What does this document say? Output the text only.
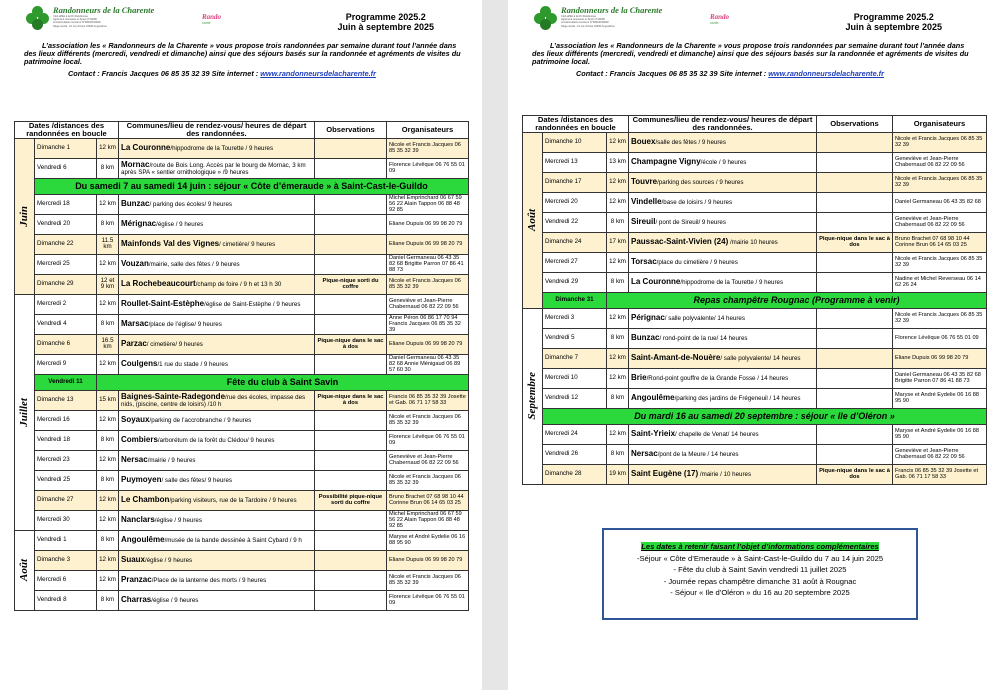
Randonneurs de la Charente
Club affilié à la FF Randonnée
Agrément Jeunesse et Sport N°16038
Immatriculation tourisme N°IM016190002
Siège social : 21 rue d’Anse 16000 Angoulême
Rando
santé
Programme 2025.2
Juin à septembre 2025
L’association les « Randonneurs de la Charente » vous propose trois randonnées par semaine durant tout l’année dans des lieux différents (mercredi, vendredi et dimanche) ainsi que des séjours basés sur la randonnée et agréments de visites du patrimoine local.
Contact : Francis Jacques 06 85 35 32 39 Site internet : www.randonneursdelacharente.fr
Dates /distances des randonnées en boucle			Communes/lieu de rendez-vous/ heures de départ des randonnées.	Observations	Organisateurs

Juin	Dimanche 1	12 km	La Couronne/hippodrome de la Tourette / 9 heures		Nicole et Francis Jacques 06 85 35 32 39
	Vendredi 6	8 km	Mornac/route de Bois Long. Accès par le bourg de Mornac, 3 km après SPA « sentier ornithologique » /9 heures		Florence Lévêque 06 76 55 01 09
	Du samedi 7 au samedi 14 juin : séjour « Côte d’émeraude » à Saint-Cast-le-Guildo				
	Mercredi 18	12 km	Bunzac/ parking des écoles/ 9 heures		Michel Emprinchard 06 67 59 56 22 Alain Tappon 06 88 48 92 85
	Vendredi 20	8 km	Mérignac/église / 9 heures		Eliane Dupuis 06 99 98 20 79
	Dimanche 22	11.5 km	Mainfonds Val des Vignes/ cimetière/ 9 heures		Eliane Dupuis 06 99 98 20 79
	Mercredi 25	12 km	Vouzan/mairie, salle des fêtes / 9 heures		Daniel Germaneau 06 43 35 82 68 Brigitte Parron 07 86 41 88 73
	Dimanche 29	12 et 9 km	La Rochebeaucourt/champ de foire / 9 h et 13 h 30	Pique-nique sorti du coffre	Nicole et Francis Jacques 06 85 35 32 39

Juillet	Mercredi 2	12 km	Roullet-Saint-Estèphe/église de Saint-Estèphe / 9 heures		Geneviève et Jean-Pierre Chabernaud 06 82 22 09 56
	Vendredi 4	8 km	Marsac/place de l’église/ 9 heures		Anne Péron 06 86 17 70 94 Francis Jacques 06 85 35 32 39
	Dimanche 6	16.5 km	Parzac/ cimetière/ 9 heures	Pique-nique dans le sac à dos	Eliane Dupuis 06 99 98 20 79
	Mercredi 9	12 km	Coulgens/1 rue du stade / 9 heures		Daniel Germaneau 06 43 35 82 68 Annie Ménigaud 06 89 57 60 30
	Vendredi 11	Fête du club à Saint Savin			
	Dimanche 13	15 km	Baignes-Sainte-Radegonde/rue des écoles, impasse des nids, (piscine, centre de loisirs) /10 h	Pique-nique dans le sac à dos	Francis 06 85 35 32 39 Josette et Gab. 06 71 17 58 33
	Mercredi 16	12 km	Soyaux/parking de l’accrobranche / 9 heures		Nicole et Francis Jacques 06 85 35 32 39
	Vendredi 18	8 km	Combiers/arborétum de la forêt du Clédou/ 9 heures		Florence Lévêque 06 76 55 01 09
	Mercredi 23	12 km	Nersac/mairie / 9 heures		Geneviève et Jean-Pierre Chabernaud 06 82 22 09 56
	Vendredi 25	8 km	Puymoyen/ salle des fêtes/ 9 heures		Nicole et Francis Jacques 06 85 35 32 39
	Dimanche 27	12 km	Le Chambon/parking visiteurs, rue de la Tardoire / 9 heures	Possibilité pique-nique sorti du coffre	Bruno Brachet 07 68 98 10 44 Corinne Brun 06 14 65 03 25
	Mercredi 30	12 km	Nanclars/église / 9 heures		Michel Emprinchard 06 67 59 56 22 Alain Tappon 06 88 48 92 85

Août	Vendredi 1	8 km	Angoulême/musée de la bande dessinée à Saint Cybard / 9 h		Maryse et André Eydelie 06 16 88 95 90
	Dimanche 3	12 km	Suaux/église / 9 heures		Eliane Dupuis 06 99 98 20 79
	Mercredi 6	12 km	Pranzac/Place de la lanterne des morts / 9 heures		Nicole et Francis Jacques 06 85 35 32 39
	Vendredi 8	8 km	Charras/église / 9 heures		Florence Lévêque 06 76 55 01 09
Randonneurs de la Charente
Club affilié à la FF Randonnée
Agrément Jeunesse et Sport N°16038
Immatriculation tourisme N°IM016190002
Siège social : 21 rue d’Anse 16000 Angoulême
Rando
santé
Programme 2025.2
Juin à septembre 2025
L’association les « Randonneurs de la Charente » vous propose trois randonnées par semaine durant tout l’année dans des lieux différents (mercredi, vendredi et dimanche) ainsi que des séjours basés sur la randonnée et agréments de visites du patrimoine local.
Contact : Francis Jacques 06 85 35 32 39 Site internet : www.randonneursdelacharente.fr
Dates /distances des randonnées en boucle			Communes/lieu de rendez-vous/ heures de départ des randonnées.	Observations	Organisateurs

Août	Dimanche 10	12 km	Bouex/salle des fêtes / 9 heures		Nicole et Francis Jacques 06 85 35 32 39
	Mercredi 13	13 km	Champagne Vigny/école / 9 heures		Geneviève et Jean-Pierre Chabernaud 06 82 22 09 56
	Dimanche 17	12 km	Touvre/parking des sources / 9 heures		Nicole et Francis Jacques 06 85 35 32 39
	Mercredi 20	12 km	Vindelle/base de loisirs / 9 heures		Daniel Germaneau 06 43 35 82 68
	Vendredi 22	8 km	Sireuil/ pont de Sireuil/ 9 heures		Geneviève et Jean-Pierre Chabernaud 06 82 22 09 56
	Dimanche 24	17 km	Paussac-Saint-Vivien (24) /mairie 10 heures	Pique-nique dans le sac à dos	Bruno Brachet 07 68 98 10 44 Corinne Brun 06 14 65 03 25
	Mercredi 27	12 km	Torsac/place du cimetière / 9 heures		Nicole et Francis Jacques 06 85 35 32 39
	Vendredi 29	8 km	La Couronne/hippodrome de la Tourette / 9 heures		Nadine et Michel Reverseau 06 14 62 26 24
	Dimanche 31	Repas champêtre Rougnac (Programme à venir)			

Septembre	Mercredi 3	12 km	Pérignac/ salle polyvalente/ 14 heures		Nicole et Francis Jacques 06 85 35 32 39
	Vendredi 5	8 km	Bunzac/ rond-point de la rue/ 14 heures		Florence Lévêque 06 76 55 01 09
	Dimanche 7	12 km	Saint-Amant-de-Nouère/ salle polyvalente/ 14 heures		Eliane Dupuis 06 99 98 20 79
	Mercredi 10	12 km	Brie/Rond-point gouffre de la Grande Fosse / 14 heures		Daniel Germaneau 06 43 35 82 68 Brigitte Parron 07 86 41 88 73
	Vendredi 12	8 km	Angoulême/parking des jardins de Frégeneuil / 14 heures		Maryse et André Eydelie 06 16 88 95 90
	Du mardi 16 au samedi 20 septembre : séjour « Ile d’Oléron »				
	Mercredi 24	12 km	Saint-Yrieix/ chapelle de Venat/ 14 heures		Maryse et André Eydelie 06 16 88 95 90
	Vendredi 26	8 km	Nersac/pont de la Meure / 14 heures		Geneviève et Jean-Pierre Chabernaud 06 82 22 09 56
	Dimanche 28	19 km	Saint Eugène (17) /mairie / 10 heures	Pique-nique dans le sac à dos	Francis 06 85 35 32 39 Josette et Gab. 06 71 17 58 33
Les dates à retenir faisant l’objet d’informations complémentaires
-Séjour « Côte d’Emeraude » à Saint-Cast-le-Guildo du 7 au 14 juin 2025
- Fête du club à Saint Savin vendredi 11 juillet 2025
- Journée repas champêtre dimanche 31 août à Rougnac
- Séjour « Ile d’Oléron » du 16 au 20 septembre 2025
